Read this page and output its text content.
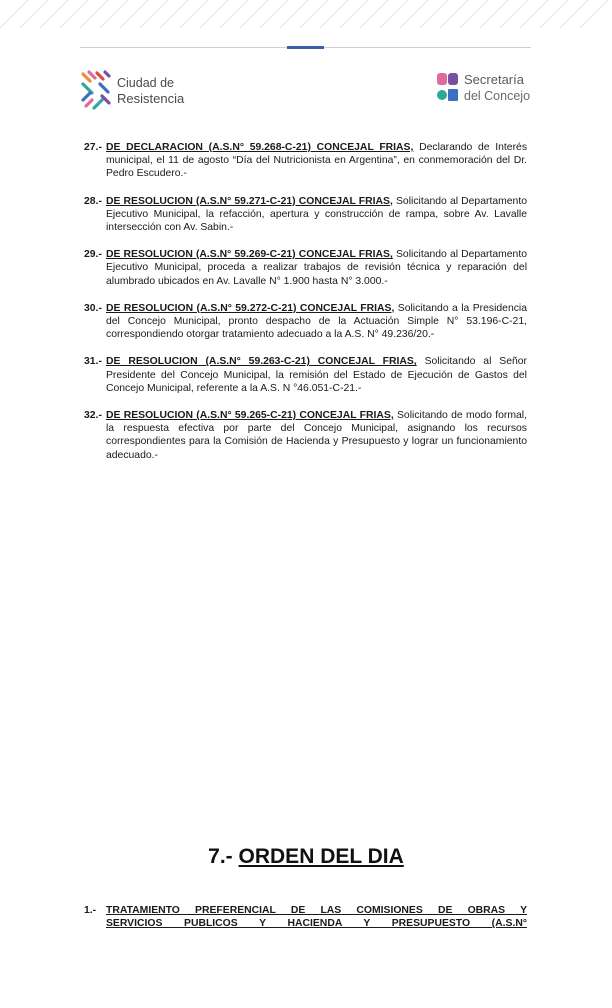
Ciudad de
Resistencia
Secretaría
del Concejo
27.- DE DECLARACION (A.S.N° 59.268-C-21) CONCEJAL FRIAS, Declarando de Interés municipal, el 11 de agosto “Día del Nutricionista en Argentina”, en conmemoración del Dr. Pedro Escudero.-
28.- DE RESOLUCION (A.S.N° 59.271-C-21) CONCEJAL FRIAS, Solicitando al Departamento Ejecutivo Municipal, la refacción, apertura y construcción de rampa, sobre Av. Lavalle intersección con Av. Sabin.-
29.- DE RESOLUCION (A.S.N° 59.269-C-21) CONCEJAL FRIAS, Solicitando al Departamento Ejecutivo Municipal, proceda a realizar trabajos de revisión técnica y reparación del alumbrado ubicados en Av. Lavalle N° 1.900 hasta N° 3.000.-
30.- DE RESOLUCION (A.S.N° 59.272-C-21) CONCEJAL FRIAS, Solicitando a la Presidencia del Concejo Municipal, pronto despacho de la Actuación Simple N° 53.196-C-21, correspondiendo otorgar tratamiento adecuado a la A.S. N° 49.236/20.-
31.- DE RESOLUCION (A.S.N° 59.263-C-21) CONCEJAL FRIAS, Solicitando al Señor Presidente del Concejo Municipal, la remisión del Estado de Ejecución de Gastos del Concejo Municipal, referente a la A.S. N °46.051-C-21.-
32.- DE RESOLUCION (A.S.N° 59.265-C-21) CONCEJAL FRIAS, Solicitando de modo formal, la respuesta efectiva por parte del Concejo Municipal, asignando los recursos correspondientes para la Comisión de Hacienda y Presupuesto y lograr un funcionamiento adecuado.-
7.- ORDEN DEL DIA
1.- TRATAMIENTO PREFERENCIAL DE LAS COMISIONES DE OBRAS Y
SERVICIOS PUBLICOS Y HACIENDA Y PRESUPUESTO (A.S.N°
